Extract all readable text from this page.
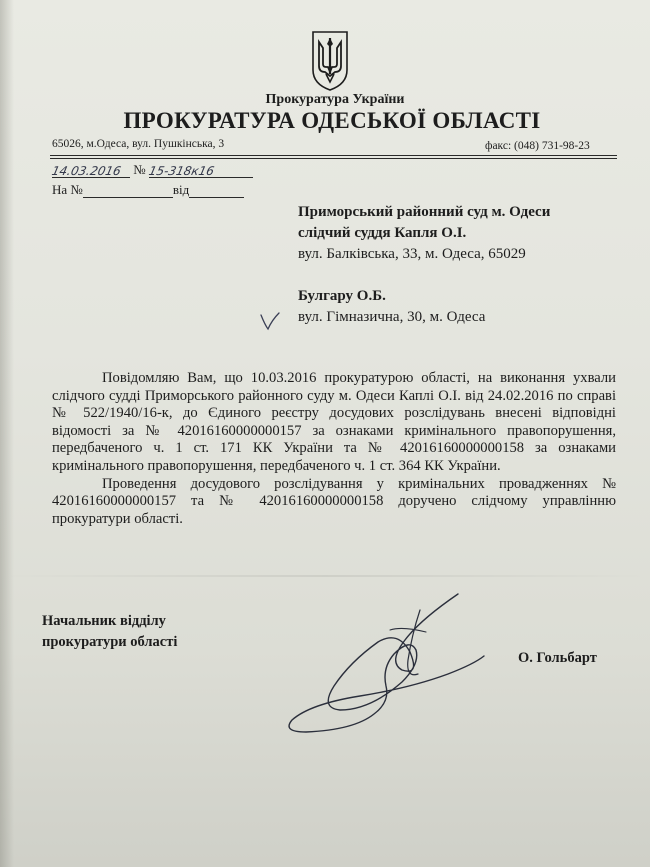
Прокуратура України
ПРОКУРАТУРА ОДЕСЬКОЇ ОБЛАСТІ
65026, м.Одеса, вул. Пушкінська, 3	факс: (048) 731-98-23
14.03.2016 № 15-318к16
На №	від
Приморський районний суд м. Одеси
слідчий суддя Капля О.І.
вул. Балківська, 33, м. Одеса, 65029
Булгару О.Б.
вул. Гімназична, 30, м. Одеса

Повідомляю Вам, що 10.03.2016 прокуратурою області, на виконання ухвали слідчого судді Приморського районного суду м. Одеси Каплі О.І. від 24.02.2016 по справі № 522/1940/16-к, до Єдиного реєстру досудових розслідувань внесені відповідні відомості за № 42016160000000157 за ознаками кримінального правопорушення, передбаченого ч. 1 ст. 171 КК України та № 42016160000000158 за ознаками кримінального правопорушення, передбаченого ч. 1 ст. 364 КК України.

Проведення досудового розслідування у кримінальних провадженнях № 42016160000000157 та № 42016160000000158 доручено слідчому управлінню прокуратури області.

Начальник відділу
прокуратури області
О. Гольбарт
